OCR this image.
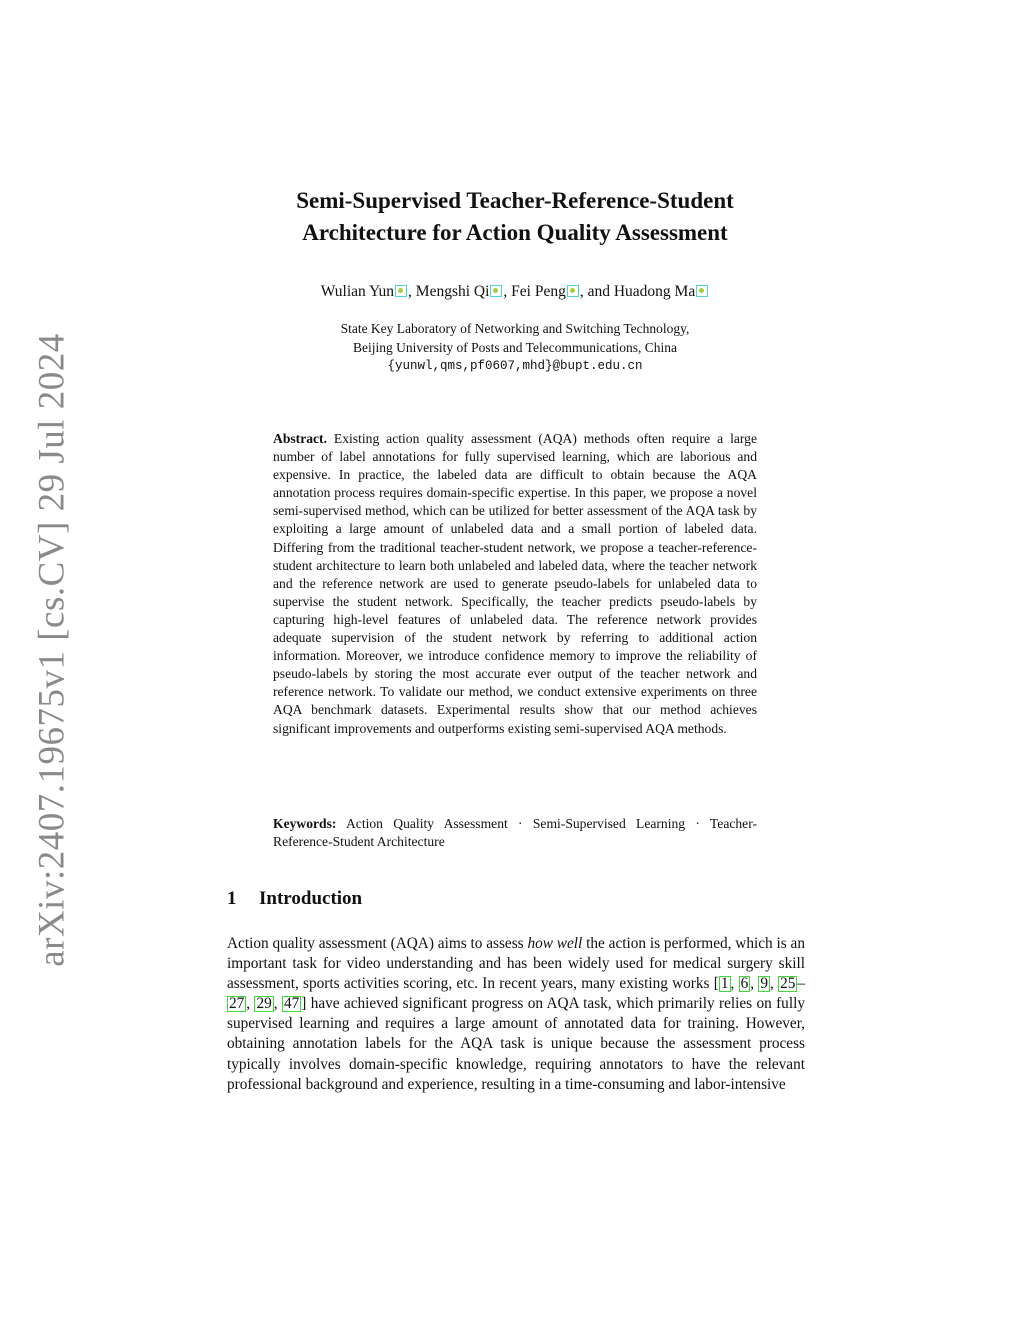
arXiv:2407.19675v1 [cs.CV] 29 Jul 2024
Semi-Supervised Teacher-Reference-Student
Architecture for Action Quality Assessment
Wulian Yun , Mengshi Qi , Fei Peng , and Huadong Ma
State Key Laboratory of Networking and Switching Technology,
Beijing University of Posts and Telecommunications, China
{yunwl,qms,pf0607,mhd}@bupt.edu.cn
Abstract. Existing action quality assessment (AQA) methods often require a large number of label annotations for fully supervised learning, which are laborious and expensive. In practice, the labeled data are difficult to obtain because the AQA annotation process requires domain-specific expertise. In this paper, we propose a novel semi-supervised method, which can be utilized for better assessment of the AQA task by exploiting a large amount of unlabeled data and a small portion of labeled data. Differing from the traditional teacher-student network, we propose a teacher-reference-student architecture to learn both unlabeled and labeled data, where the teacher network and the reference network are used to generate pseudo-labels for unlabeled data to supervise the student network. Specifically, the teacher predicts pseudo-labels by capturing high-level features of unlabeled data. The reference network provides adequate supervision of the student network by referring to additional action information. Moreover, we introduce confidence memory to improve the reliability of pseudo-labels by storing the most accurate ever output of the teacher network and reference network. To validate our method, we conduct extensive experiments on three AQA benchmark datasets. Experimental results show that our method achieves significant improvements and outperforms existing semi-supervised AQA methods.
Keywords: Action Quality Assessment · Semi-Supervised Learning · Teacher-Reference-Student Architecture
1 Introduction
Action quality assessment (AQA) aims to assess how well the action is performed, which is an important task for video understanding and has been widely used for medical surgery skill assessment, sports activities scoring, etc. In recent years, many existing works [ 1 , 6 , 9 , 25 –27 , 29 , 47 ] have achieved significant progress on AQA task, which primarily relies on fully supervised learning and requires a large amount of annotated data for training. However, obtaining annotation labels for the AQA task is unique because the assessment process typically involves domain-specific knowledge, requiring annotators to have the relevant professional background and experience, resulting in a time-consuming and labor-intensive
